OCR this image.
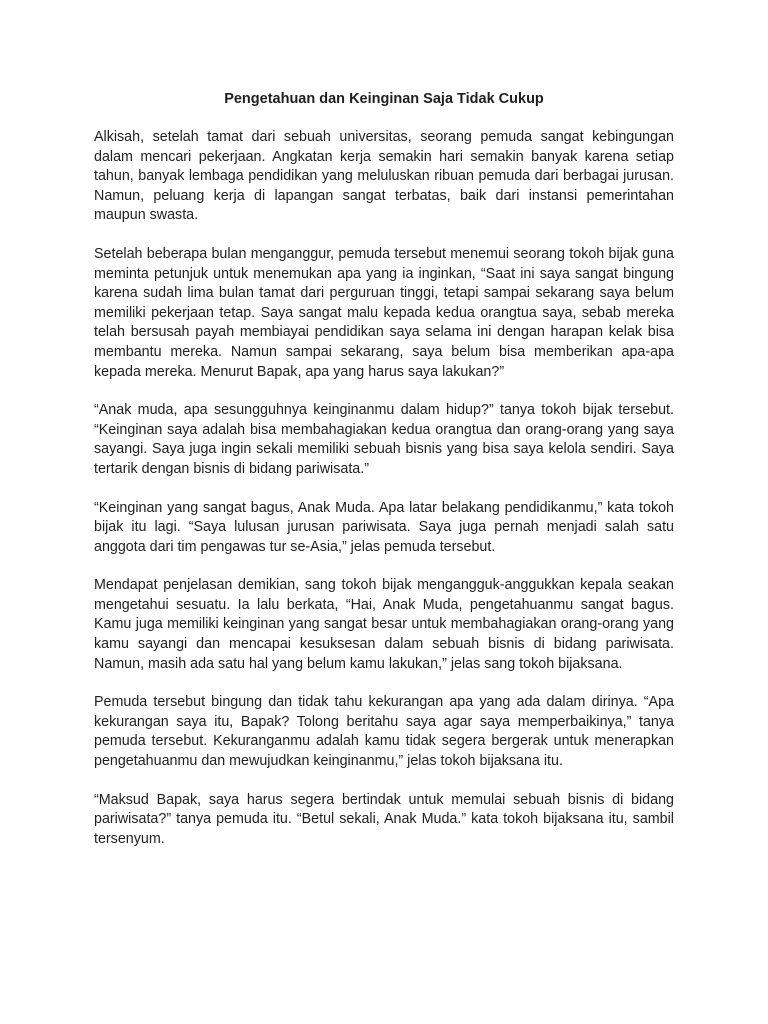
Pengetahuan dan Keinginan Saja Tidak Cukup

Alkisah, setelah tamat dari sebuah universitas, seorang pemuda sangat kebingungan dalam mencari pekerjaan. Angkatan kerja semakin hari semakin banyak karena setiap tahun, banyak lembaga pendidikan yang meluluskan ribuan pemuda dari berbagai jurusan. Namun, peluang kerja di lapangan sangat terbatas, baik dari instansi pemerintahan maupun swasta.

Setelah beberapa bulan menganggur, pemuda tersebut menemui seorang tokoh bijak guna meminta petunjuk untuk menemukan apa yang ia inginkan, “Saat ini saya sangat bingung karena sudah lima bulan tamat dari perguruan tinggi, tetapi sampai sekarang saya belum memiliki pekerjaan tetap. Saya sangat malu kepada kedua orangtua saya, sebab mereka telah bersusah payah membiayai pendidikan saya selama ini dengan harapan kelak bisa membantu mereka. Namun sampai sekarang, saya belum bisa memberikan apa-apa kepada mereka. Menurut Bapak, apa yang harus saya lakukan?”

“Anak muda, apa sesungguhnya keinginanmu dalam hidup?” tanya tokoh bijak tersebut. “Keinginan saya adalah bisa membahagiakan kedua orangtua dan orang-orang yang saya sayangi. Saya juga ingin sekali memiliki sebuah bisnis yang bisa saya kelola sendiri. Saya tertarik dengan bisnis di bidang pariwisata.”

“Keinginan yang sangat bagus, Anak Muda. Apa latar belakang pendidikanmu,” kata tokoh bijak itu lagi. “Saya lulusan jurusan pariwisata. Saya juga pernah menjadi salah satu anggota dari tim pengawas tur se-Asia,” jelas pemuda tersebut.

Mendapat penjelasan demikian, sang tokoh bijak mengangguk-anggukkan kepala seakan mengetahui sesuatu. Ia lalu berkata, “Hai, Anak Muda, pengetahuanmu sangat bagus. Kamu juga memiliki keinginan yang sangat besar untuk membahagiakan orang-orang yang kamu sayangi dan mencapai kesuksesan dalam sebuah bisnis di bidang pariwisata. Namun, masih ada satu hal yang belum kamu lakukan,” jelas sang tokoh bijaksana.

Pemuda tersebut bingung dan tidak tahu kekurangan apa yang ada dalam dirinya. “Apa kekurangan saya itu, Bapak? Tolong beritahu saya agar saya memperbaikinya,” tanya pemuda tersebut. Kekuranganmu adalah kamu tidak segera bergerak untuk menerapkan pengetahuanmu dan mewujudkan keinginanmu,” jelas tokoh bijaksana itu.

“Maksud Bapak, saya harus segera bertindak untuk memulai sebuah bisnis di bidang pariwisata?” tanya pemuda itu. “Betul sekali, Anak Muda.” kata tokoh bijaksana itu, sambil tersenyum.
